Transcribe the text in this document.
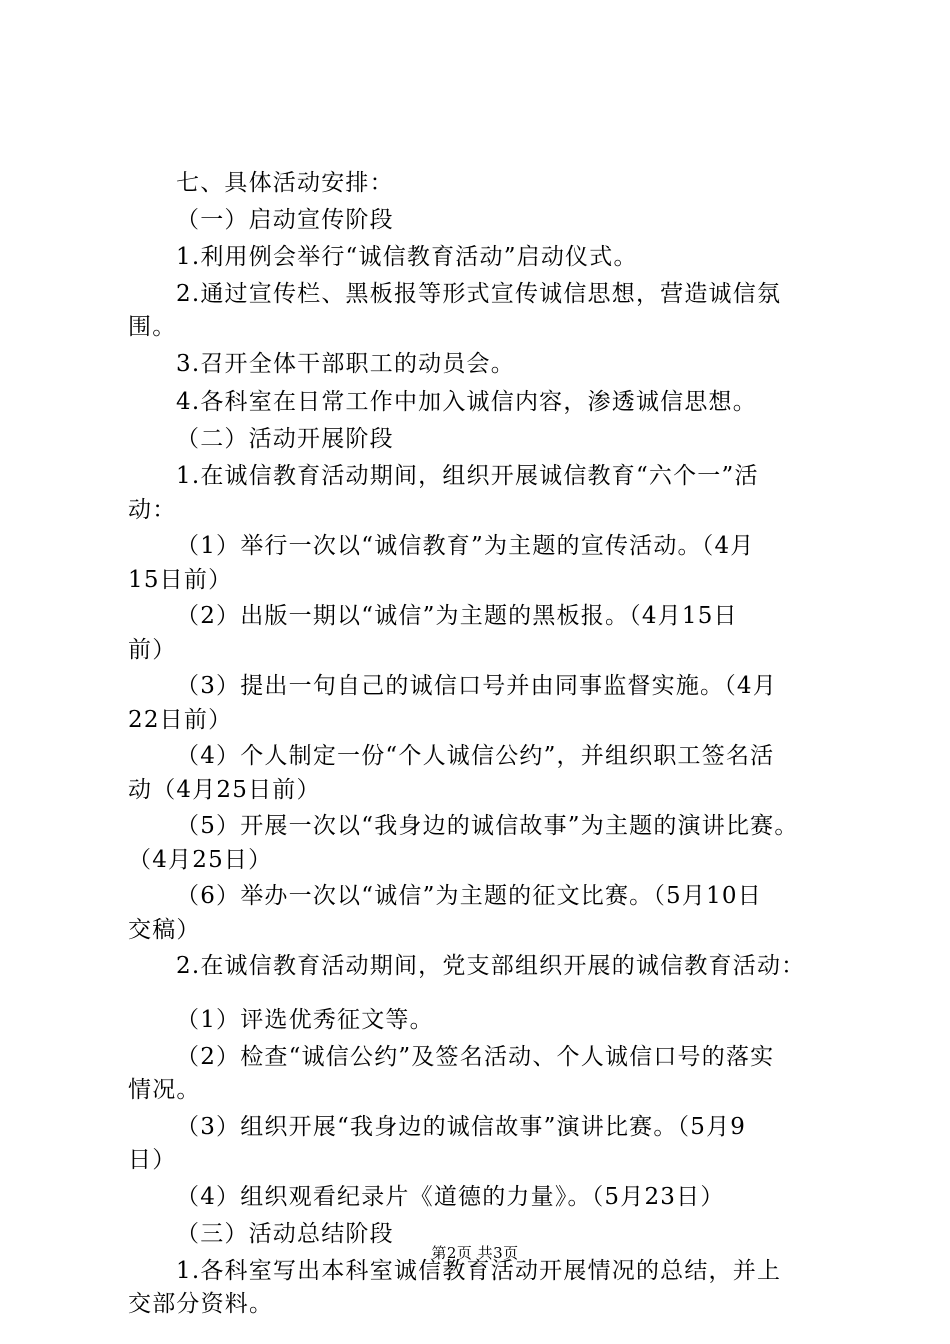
七、具体活动安排：
（一）启动宣传阶段
1.利用例会举行“诚信教育活动”启动仪式。
2.通过宣传栏、黑板报等形式宣传诚信思想，营造诚信氛
围。
3.召开全体干部职工的动员会。
4.各科室在日常工作中加入诚信内容，渗透诚信思想。
（二）活动开展阶段
1.在诚信教育活动期间，组织开展诚信教育“六个一”活
动：
（1）举行一次以“诚信教育”为主题的宣传活动。（4月
15日前）
（2）出版一期以“诚信”为主题的黑板报。（4月15日
前）
（3）提出一句自己的诚信口号并由同事监督实施。（4月
22日前）
（4）个人制定一份“个人诚信公约”，并组织职工签名活
动（4月25日前）
（5）开展一次以“我身边的诚信故事”为主题的演讲比赛。
（4月25日）
（6）举办一次以“诚信”为主题的征文比赛。（5月10日
交稿）
2.在诚信教育活动期间，党支部组织开展的诚信教育活动：
（1）评选优秀征文等。
（2）检查“诚信公约”及签名活动、个人诚信口号的落实
情况。
（3）组织开展“我身边的诚信故事”演讲比赛。（5月9
日）
（4）组织观看纪录片《道德的力量》。（5月23日）
（三）活动总结阶段
1.各科室写出本科室诚信教育活动开展情况的总结，并上
交部分资料。
第2页 共3页
